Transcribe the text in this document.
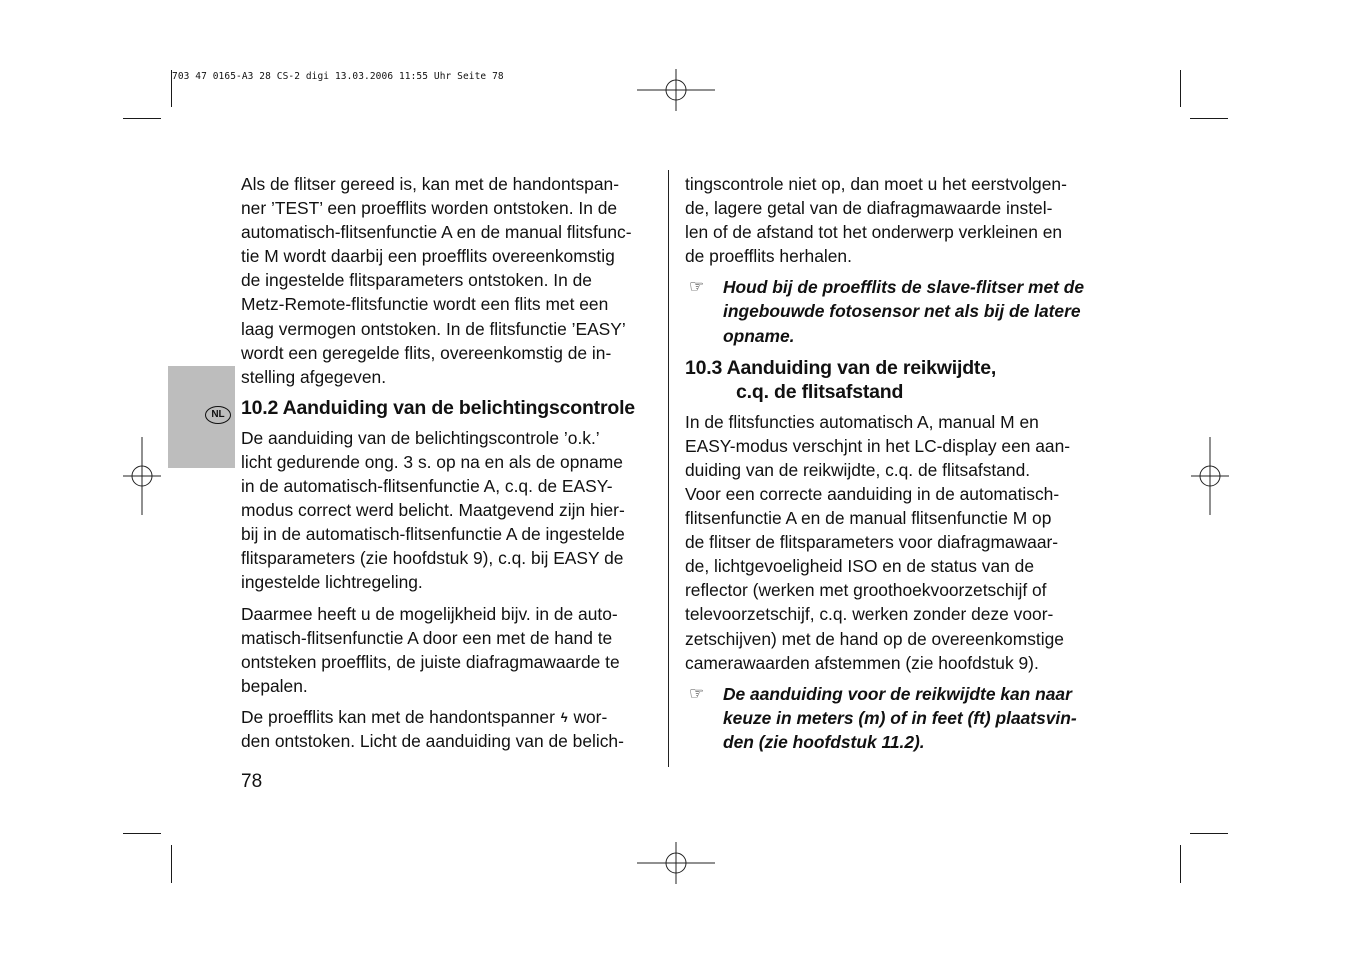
703 47 0165-A3 28 CS-2 digi 13.03.2006 11:55 Uhr Seite 78
NL

Als de flitser gereed is, kan met de handontspan-
ner ’TEST’ een proefflits worden ontstoken. In de
automatisch-flitsenfunctie A en de manual flitsfunc-
tie M wordt daarbij een proefflits overeenkomstig
de ingestelde flitsparameters ontstoken. In de
Metz-Remote-flitsfunctie wordt een flits met een
laag vermogen ontstoken. In de flitsfunctie ’EASY’
wordt een geregelde flits, overeenkomstig de in-
stelling afgegeven.

10.2 Aanduiding van de belichtingscontrole

De aanduiding van de belichtingscontrole ’o.k.’
licht gedurende ong. 3 s. op na en als de opname
in de automatisch-flitsenfunctie A, c.q. de EASY-
modus correct werd belicht. Maatgevend zijn hier-
bij in de automatisch-flitsenfunctie A de ingestelde
flitsparameters (zie hoofdstuk 9), c.q. bij EASY de
ingestelde lichtregeling.

Daarmee heeft u de mogelijkheid bijv. in de auto-
matisch-flitsenfunctie A door een met de hand te
ontsteken proefflits, de juiste diafragmawaarde te
bepalen.

De proefflits kan met de handontspanner ϟ wor-
den ontstoken. Licht de aanduiding van de belich-

tingscontrole niet op, dan moet u het eerstvolgen-
de, lagere getal van de diafragmawaarde instel-
len of de afstand tot het onderwerp verkleinen en
de proefflits herhalen.

☞	Houd bij de proefflits de slave-flitser met de
ingebouwde fotosensor net als bij de latere
opname.
10.3 Aanduiding van de reikwijdte,
c.q. de flitsafstand

In de flitsfuncties automatisch A, manual M en
EASY-modus verschjnt in het LC-display een aan-
duiding van de reikwijdte, c.q. de flitsafstand.
Voor een correcte aanduiding in de automatisch-
flitsenfunctie A en de manual flitsenfunctie M op
de flitser de flitsparameters voor diafragmawaar-
de, lichtgevoeligheid ISO en de status van de
reflector (werken met groothoekvoorzetschijf of
televoorzetschijf, c.q. werken zonder deze voor-
zetschijven) met de hand op de overeenkomstige
camerawaarden afstemmen (zie hoofdstuk 9).

☞	De aanduiding voor de reikwijdte kan naar
keuze in meters (m) of in feet (ft) plaatsvin-
den (zie hoofdstuk 11.2).
78
